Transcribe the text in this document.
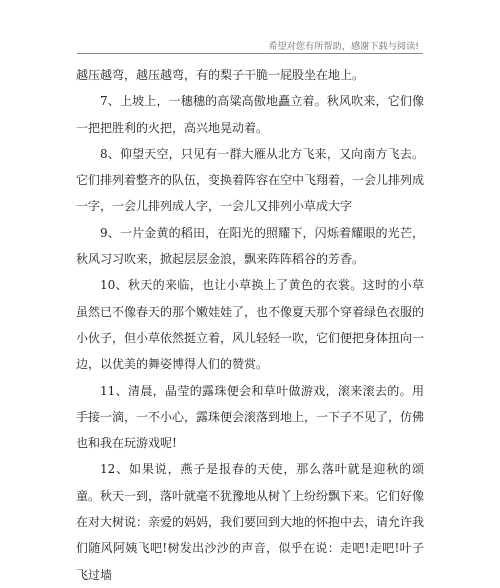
希望对您有所帮助，感谢下载与阅读!

越压越弯，越压越弯，有的梨子干脆一屁股坐在地上。

7、上坡上，一穗穗的高粱高傲地矗立着。秋风吹来，它们像一把把胜利的火把，高兴地晃动着。

8、仰望天空，只见有一群大雁从北方飞来，又向南方飞去。它们排列着整齐的队伍，变换着阵容在空中飞翔着，一会儿排列成一字，一会儿排列成人字，一会儿又排列小草成大字

9、一片金黄的稻田，在阳光的照耀下，闪烁着耀眼的光芒，秋风习习吹来，掀起层层金浪，飘来阵阵稻谷的芳香。

10、秋天的来临，也让小草换上了黄色的衣裳。这时的小草虽然已不像春天的那个嫩娃娃了，也不像夏天那个穿着绿色衣服的小伙子，但小草依然挺立着，风儿轻轻一吹，它们便把身体扭向一边，以优美的舞姿博得人们的赞赏。

11、清晨，晶莹的露珠便会和草叶做游戏，滚来滚去的。用手接一滴，一不小心，露珠便会滚落到地上，一下子不见了，仿佛也和我在玩游戏呢!

12、如果说，燕子是报春的天使，那么落叶就是迎秋的颂童。秋天一到，落叶就毫不犹豫地从树丫上纷纷飘下来。它们好像在对大树说：亲爱的妈妈，我们要回到大地的怀抱中去，请允许我们随风阿姨飞吧!树发出沙沙的声音，似乎在说：走吧!走吧!叶子飞过墙
